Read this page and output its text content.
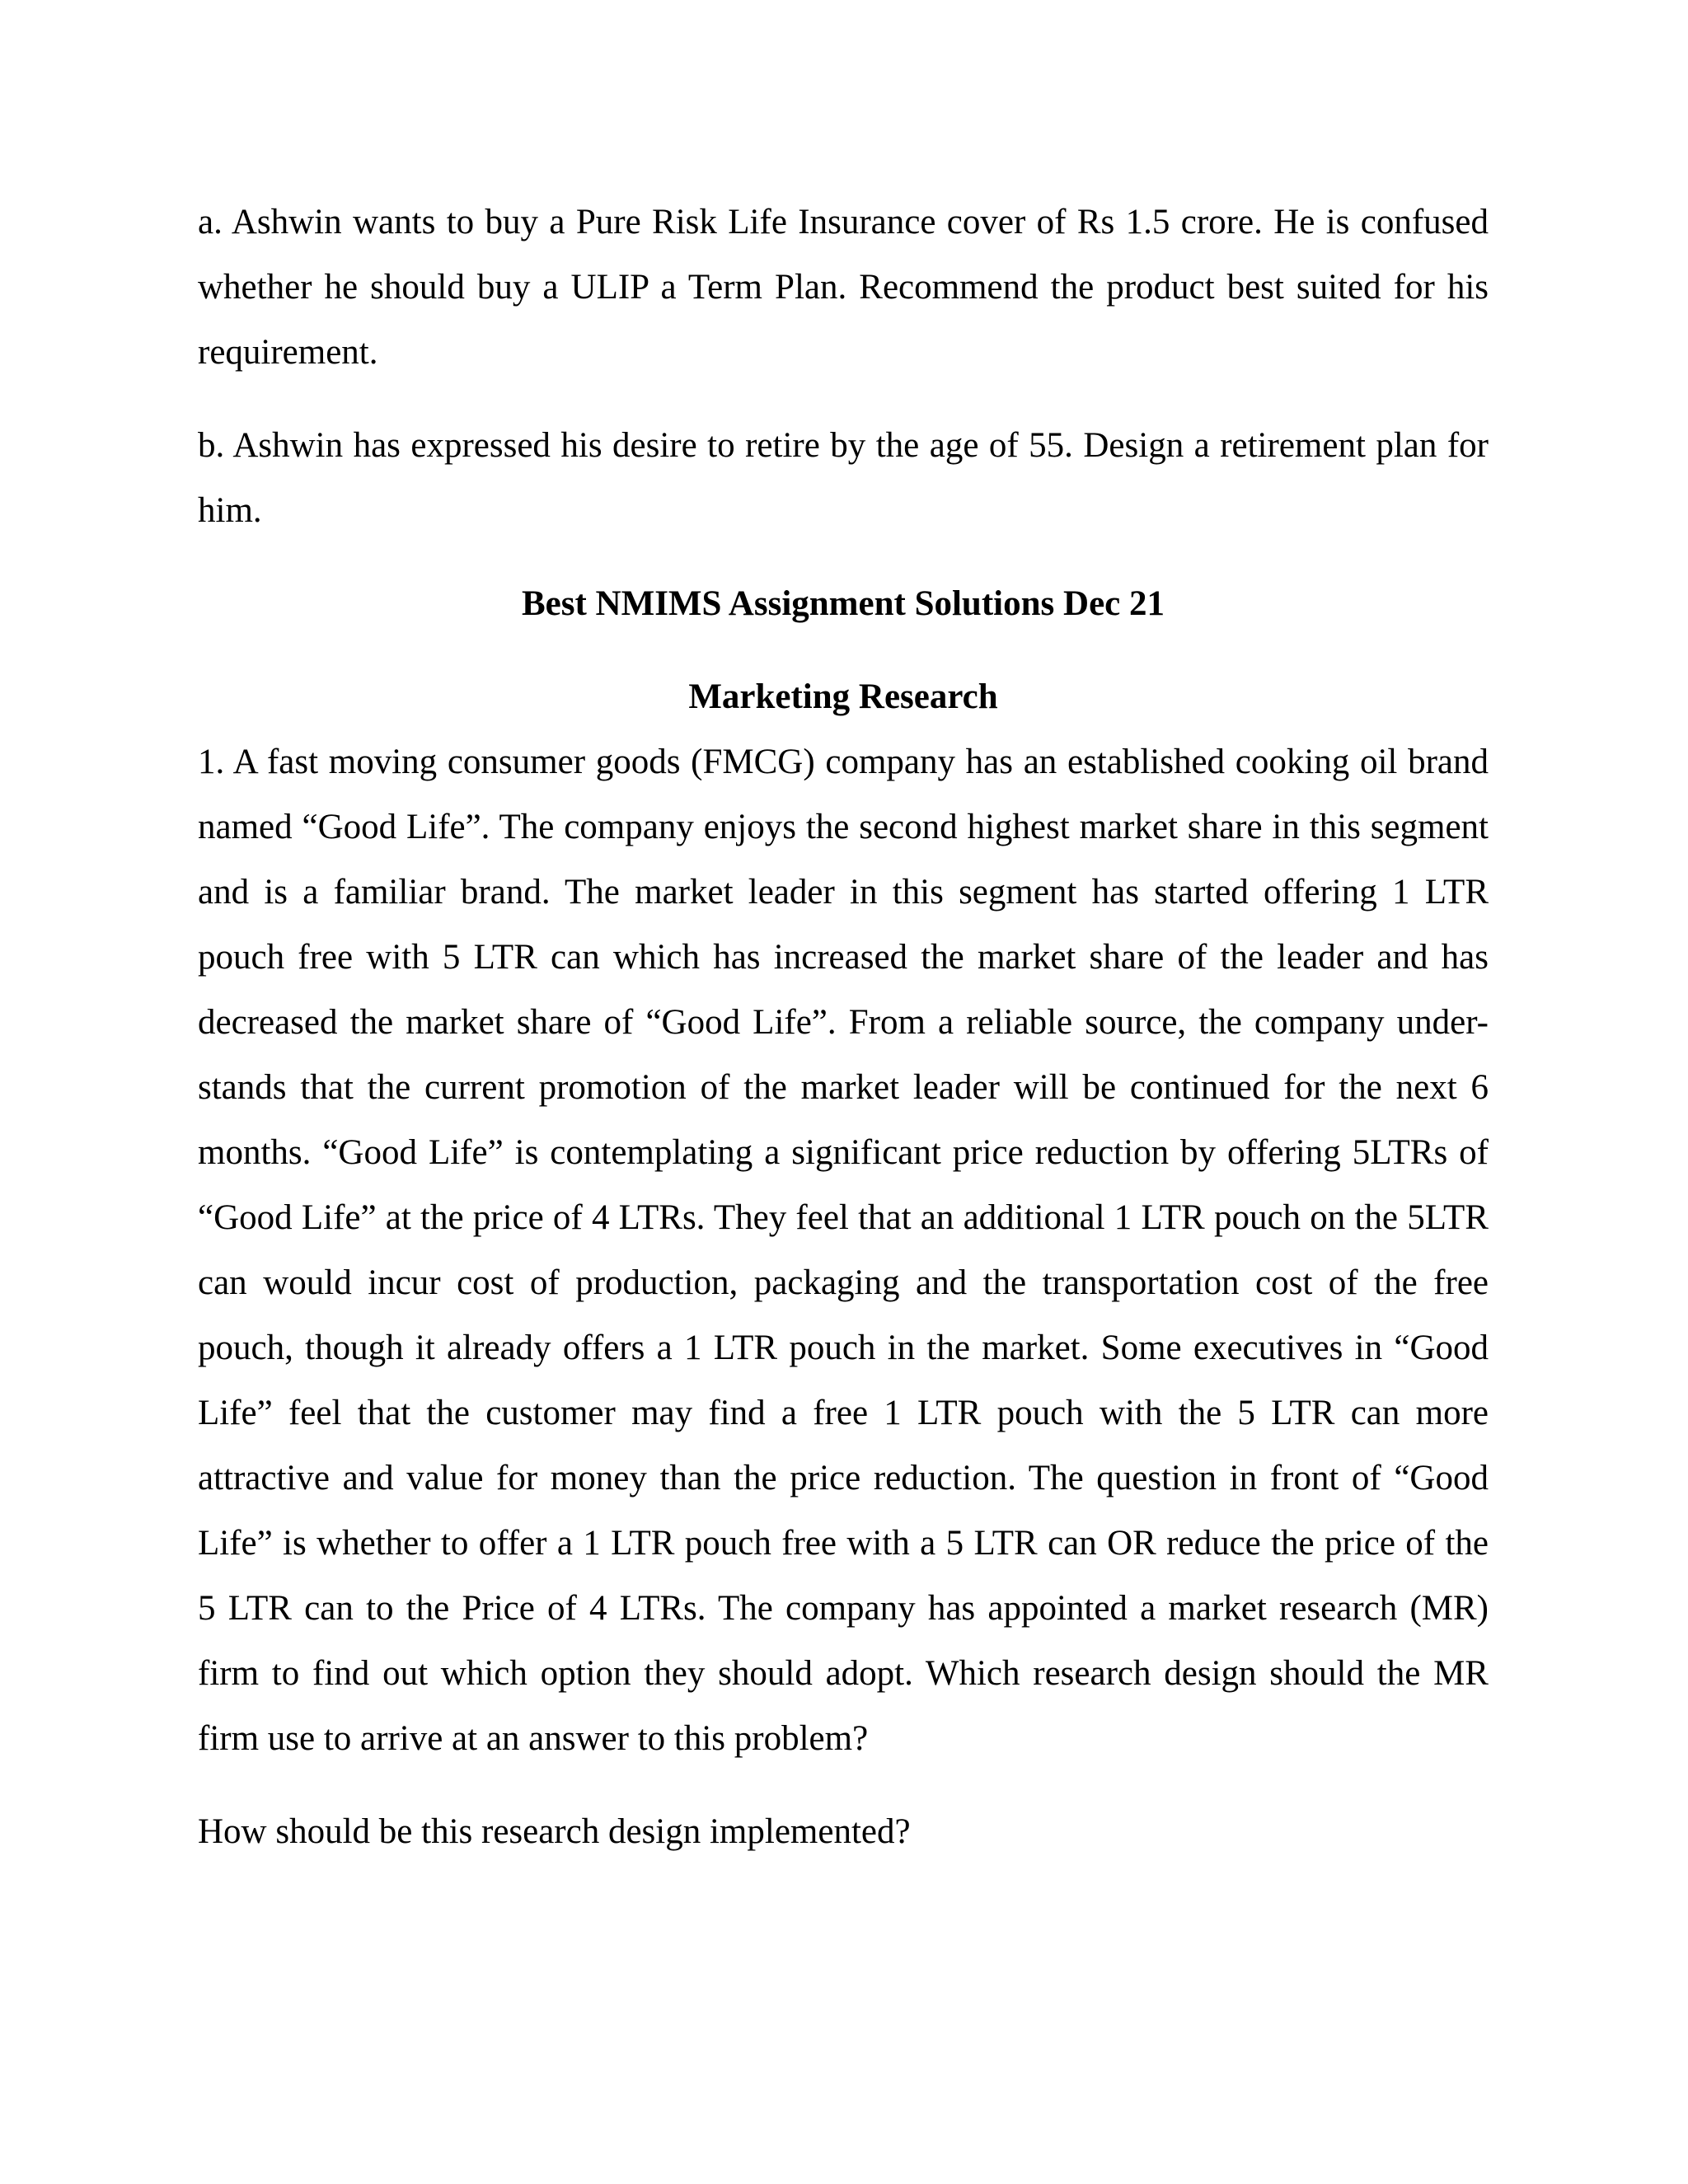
a. Ashwin wants to buy a Pure Risk Life Insurance cover of Rs 1.5 crore. He is confused whether he should buy a ULIP a Term Plan. Recommend the product best suited for his requirement.

b. Ashwin has expressed his desire to retire by the age of 55. Design a retirement plan for him.

Best NMIMS Assignment Solutions Dec 21
Marketing Research

1. A fast moving consumer goods (FMCG) company has an established cooking oil brand named “Good Life”. The company enjoys the second highest market share in this segment and is a familiar brand. The market leader in this segment has started offering 1 LTR pouch free with 5 LTR can which has increased the market share of the leader and has decreased the market share of “Good Life”. From a reliable source, the company under-stands that the current promotion of the market leader will be continued for the next 6 months. “Good Life” is contemplating a significant price reduction by offering 5LTRs of “Good Life” at the price of 4 LTRs. They feel that an additional 1 LTR pouch on the 5LTR can would incur cost of production, packaging and the transportation cost of the free pouch, though it already offers a 1 LTR pouch in the market. Some executives in “Good Life” feel that the customer may find a free 1 LTR pouch with the 5 LTR can more attractive and value for money than the price reduction. The question in front of “Good Life” is whether to offer a 1 LTR pouch free with a 5 LTR can OR reduce the price of the 5 LTR can to the Price of 4 LTRs. The company has appointed a market research (MR) firm to find out which option they should adopt. Which research design should the MR firm use to arrive at an answer to this problem?

How should be this research design implemented?
